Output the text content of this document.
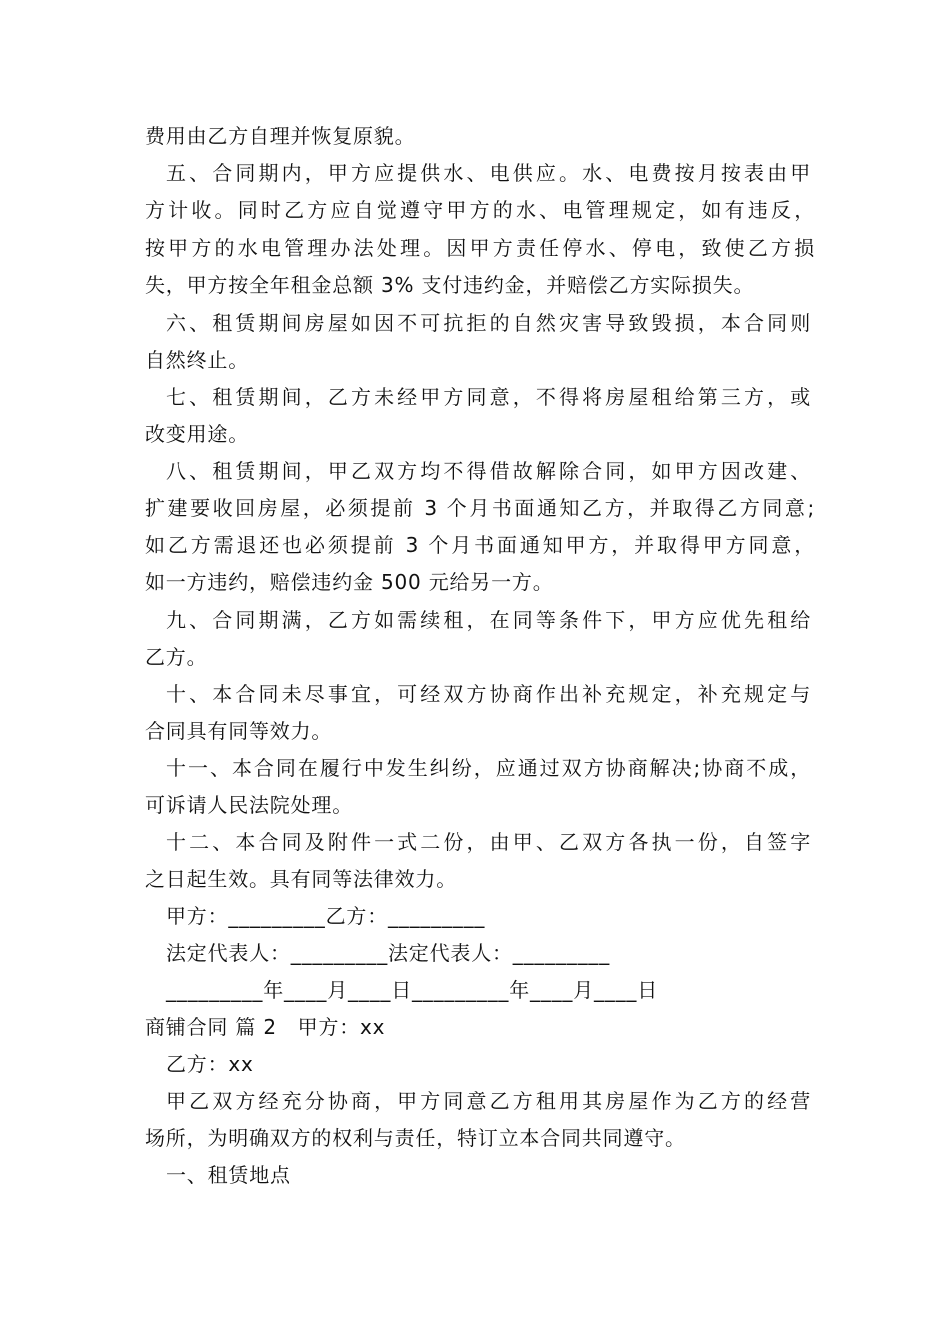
费用由乙方自理并恢复原貌。
五、合同期内，甲方应提供水、电供应。水、电费按月按表由甲
方计收。同时乙方应自觉遵守甲方的水、电管理规定，如有违反，
按甲方的水电管理办法处理。因甲方责任停水、停电，致使乙方损
失，甲方按全年租金总额 3% 支付违约金，并赔偿乙方实际损失。
六、租赁期间房屋如因不可抗拒的自然灾害导致毁损，本合同则
自然终止。
七、租赁期间，乙方未经甲方同意，不得将房屋租给第三方，或
改变用途。
八、租赁期间，甲乙双方均不得借故解除合同，如甲方因改建、
扩建要收回房屋，必须提前 3 个月书面通知乙方，并取得乙方同意;
如乙方需退还也必须提前 3 个月书面通知甲方，并取得甲方同意，
如一方违约，赔偿违约金 500 元给另一方。
九、合同期满，乙方如需续租，在同等条件下，甲方应优先租给
乙方。
十、本合同未尽事宜，可经双方协商作出补充规定，补充规定与
合同具有同等效力。
十一、本合同在履行中发生纠纷，应通过双方协商解决;协商不成，
可诉请人民法院处理。
十二、本合同及附件一式二份，由甲、乙双方各执一份，自签字
之日起生效。具有同等法律效力。
甲方：_________乙方：_________
法定代表人：_________法定代表人：_________
_________年____月____日_________年____月____日
商铺合同 篇 2　甲方：xx
乙方：xx
甲乙双方经充分协商，甲方同意乙方租用其房屋作为乙方的经营
场所，为明确双方的权利与责任，特订立本合同共同遵守。
一、租赁地点
